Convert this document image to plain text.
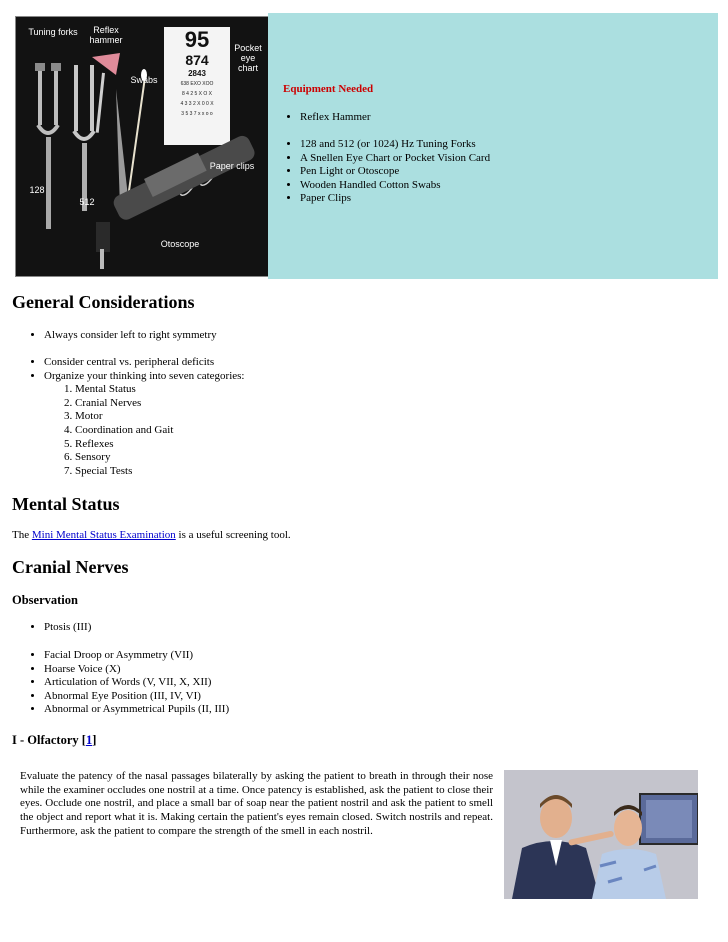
Tuning forks	Reflex hammer
Pocket eye chart
Swabs
Paper clips
128
512
Otoscope
95
874
2843
638 EXO XOO
8 4 2 5 X O X
4 3 3 2 X 0 0 X
3 5 3 7 x x o o
Equipment Needed
• Reflex Hammer
• 128 and 512 (or 1024) Hz Tuning Forks
• A Snellen Eye Chart or Pocket Vision Card
• Pen Light or Otoscope
• Wooden Handled Cotton Swabs
• Paper Clips
General Considerations
• Always consider left to right symmetry
• Consider central vs. peripheral deficits
• Organize your thinking into seven categories:
1. Mental Status
2. Cranial Nerves
3. Motor
4. Coordination and Gait
5. Reflexes
6. Sensory
7. Special Tests
Mental Status
The Mini Mental Status Examination is a useful screening tool.
Cranial Nerves
Observation
• Ptosis (III)
• Facial Droop or Asymmetry (VII)
• Hoarse Voice (X)
• Articulation of Words (V, VII, X, XII)
• Abnormal Eye Position (III, IV, VI)
• Abnormal or Asymmetrical Pupils (II, III)
I - Olfactory [1]
Evaluate the patency of the nasal passages bilaterally by asking the patient to breath in through their nose while the examiner occludes one nostril at a time. Once patency is established, ask the patient to close their eyes. Occlude one nostril, and place a small bar of soap near the patient nostril and ask the patient to smell the object and report what it is. Making certain the patient's eyes remain closed. Switch nostrils and repeat. Furthermore, ask the patient to compare the strength of the smell in each nostril.
